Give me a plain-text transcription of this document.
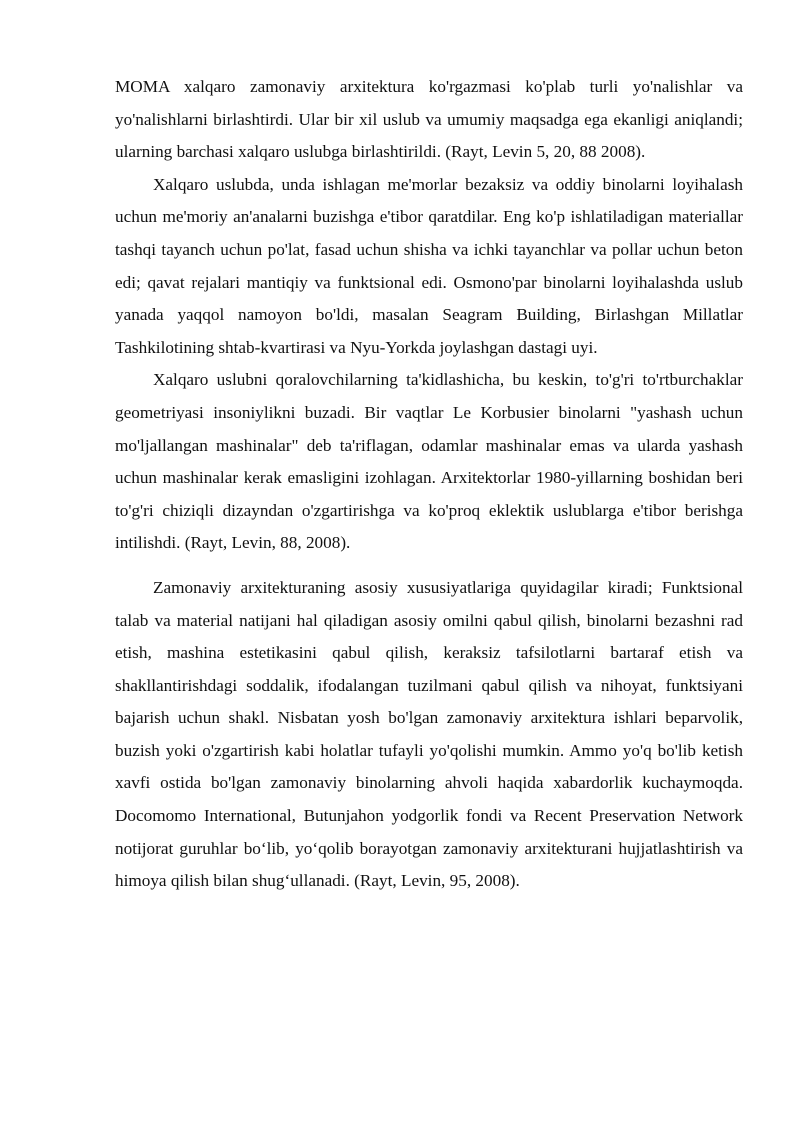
MOMA xalqaro zamonaviy arxitektura ko'rgazmasi ko'plab turli yo'nalishlar va yo'nalishlarni birlashtirdi. Ular bir xil uslub va umumiy maqsadga ega ekanligi aniqlandi; ularning barchasi xalqaro uslubga birlashtirildi. (Rayt, Levin 5, 20, 88 2008).

Xalqaro uslubda, unda ishlagan me'morlar bezaksiz va oddiy binolarni loyihalash uchun me'moriy an'analarni buzishga e'tibor qaratdilar. Eng ko'p ishlatiladigan materiallar tashqi tayanch uchun po'lat, fasad uchun shisha va ichki tayanchlar va pollar uchun beton edi; qavat rejalari mantiqiy va funktsional edi. Osmono'par binolarni loyihalashda uslub yanada yaqqol namoyon bo'ldi, masalan Seagram Building, Birlashgan Millatlar Tashkilotining shtab-kvartirasi va Nyu-Yorkda joylashgan dastagi uyi.

Xalqaro uslubni qoralovchilarning ta'kidlashicha, bu keskin, to'g'ri to'rtburchaklar geometriyasi insoniylikni buzadi. Bir vaqtlar Le Korbusier binolarni "yashash uchun mo'ljallangan mashinalar" deb ta'riflagan, odamlar mashinalar emas va ularda yashash uchun mashinalar kerak emasligini izohlagan. Arxitektorlar 1980-yillarning boshidan beri to'g'ri chiziqli dizayndan o'zgartirishga va ko'proq eklektik uslublarga e'tibor berishga intilishdi. (Rayt, Levin, 88, 2008).

Zamonaviy arxitekturaning asosiy xususiyatlariga quyidagilar kiradi; Funktsional talab va material natijani hal qiladigan asosiy omilni qabul qilish, binolarni bezashni rad etish, mashina estetikasini qabul qilish, keraksiz tafsilotlarni bartaraf etish va shakllantirishdagi soddalik, ifodalangan tuzilmani qabul qilish va nihoyat, funktsiyani bajarish uchun shakl. Nisbatan yosh bo'lgan zamonaviy arxitektura ishlari beparvolik, buzish yoki o'zgartirish kabi holatlar tufayli yo'qolishi mumkin. Ammo yo'q bo'lib ketish xavfi ostida bo'lgan zamonaviy binolarning ahvoli haqida xabardorlik kuchaymoqda. Docomomo International, Butunjahon yodgorlik fondi va Recent Preservation Network notijorat guruhlar bo‘lib, yo‘qolib borayotgan zamonaviy arxitekturani hujjatlashtirish va himoya qilish bilan shug‘ullanadi. (Rayt, Levin, 95, 2008).
